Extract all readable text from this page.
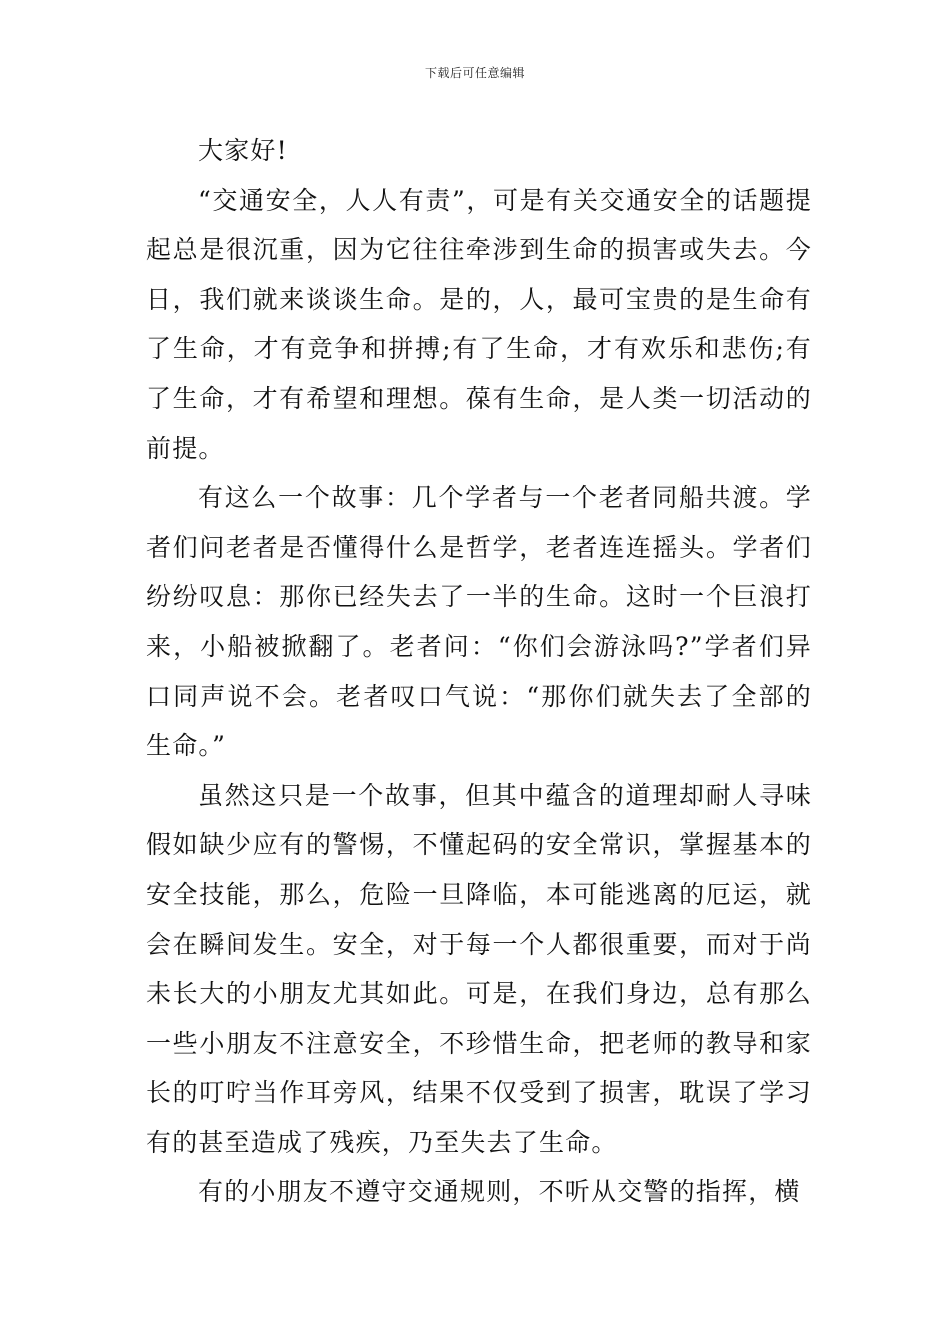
下载后可任意编辑

大家好!

“交通安全，人人有责”，可是有关交通安全的话题提起总是很沉重，因为它往往牵涉到生命的损害或失去。今日，我们就来谈谈生命。是的，人，最可宝贵的是生命有了生命，才有竞争和拼搏;有了生命，才有欢乐和悲伤;有了生命，才有希望和理想。葆有生命，是人类一切活动的前提。

有这么一个故事：几个学者与一个老者同船共渡。学者们问老者是否懂得什么是哲学，老者连连摇头。学者们纷纷叹息：那你已经失去了一半的生命。这时一个巨浪打来，小船被掀翻了。老者问：“你们会游泳吗?”学者们异口同声说不会。老者叹口气说：“那你们就失去了全部的生命。”

虽然这只是一个故事，但其中蕴含的道理却耐人寻味假如缺少应有的警惕，不懂起码的安全常识，掌握基本的安全技能，那么，危险一旦降临，本可能逃离的厄运，就会在瞬间发生。安全，对于每一个人都很重要，而对于尚未长大的小朋友尤其如此。可是，在我们身边，总有那么一些小朋友不注意安全，不珍惜生命，把老师的教导和家长的叮咛当作耳旁风，结果不仅受到了损害，耽误了学习有的甚至造成了残疾，乃至失去了生命。

有的小朋友不遵守交通规则，不听从交警的指挥，横
